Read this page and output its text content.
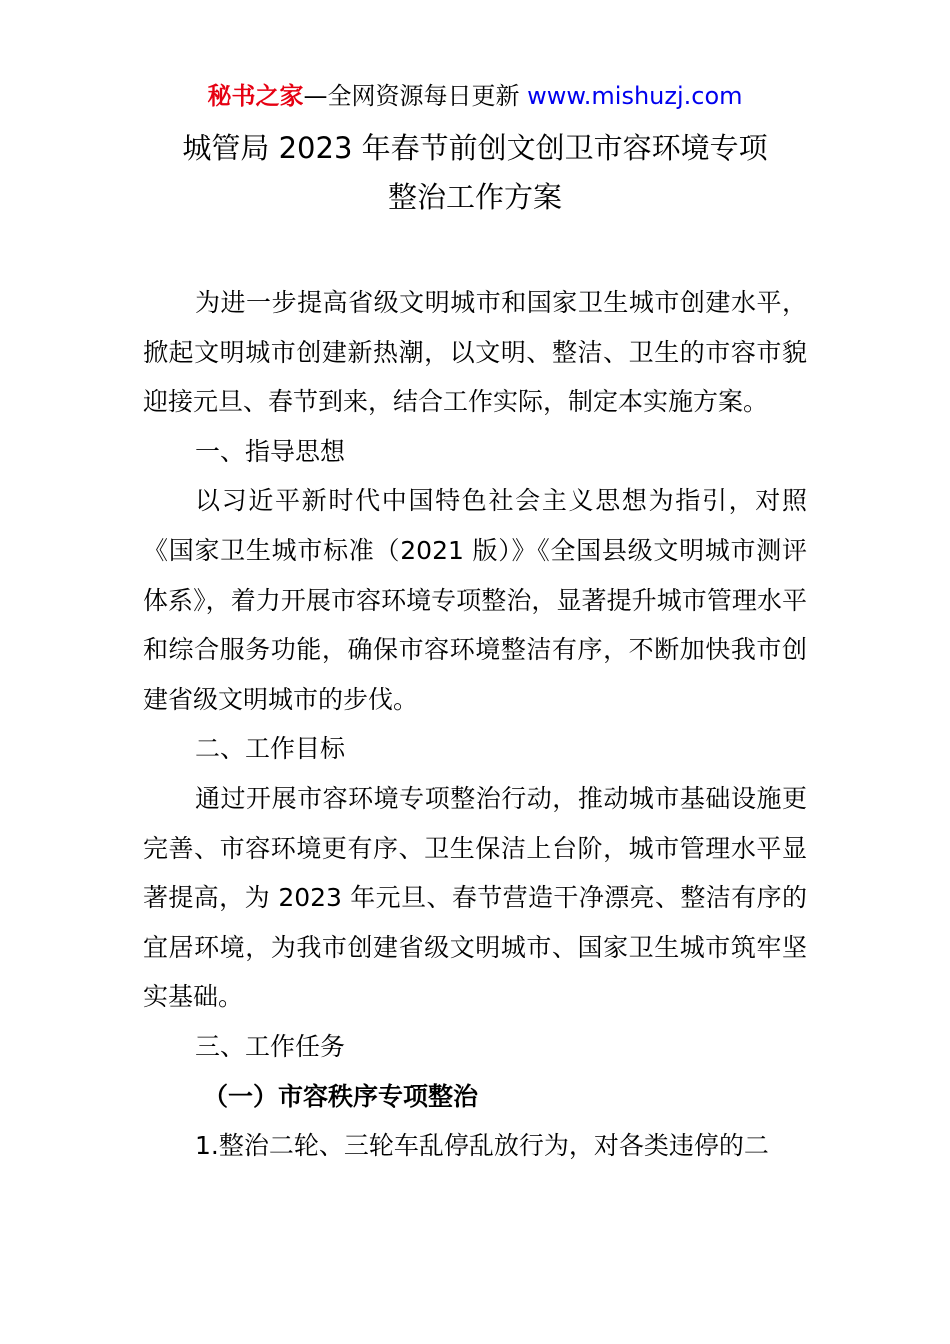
秘书之家—全网资源每日更新 www.mishuzj.com
城管局 2023 年春节前创文创卫市容环境专项
整治工作方案

为进一步提高省级文明城市和国家卫生城市创建水平，掀起文明城市创建新热潮，以文明、整洁、卫生的市容市貌迎接元旦、春节到来，结合工作实际，制定本实施方案。

一、指导思想

以习近平新时代中国特色社会主义思想为指引，对照《国家卫生城市标准（2021 版）》《全国县级文明城市测评体系》，着力开展市容环境专项整治，显著提升城市管理水平和综合服务功能，确保市容环境整洁有序，不断加快我市创建省级文明城市的步伐。

二、工作目标

通过开展市容环境专项整治行动，推动城市基础设施更完善、市容环境更有序、卫生保洁上台阶，城市管理水平显著提高，为 2023 年元旦、春节营造干净漂亮、整洁有序的宜居环境，为我市创建省级文明城市、国家卫生城市筑牢坚实基础。

三、工作任务

（一）市容秩序专项整治

1.整治二轮、三轮车乱停乱放行为，对各类违停的二
